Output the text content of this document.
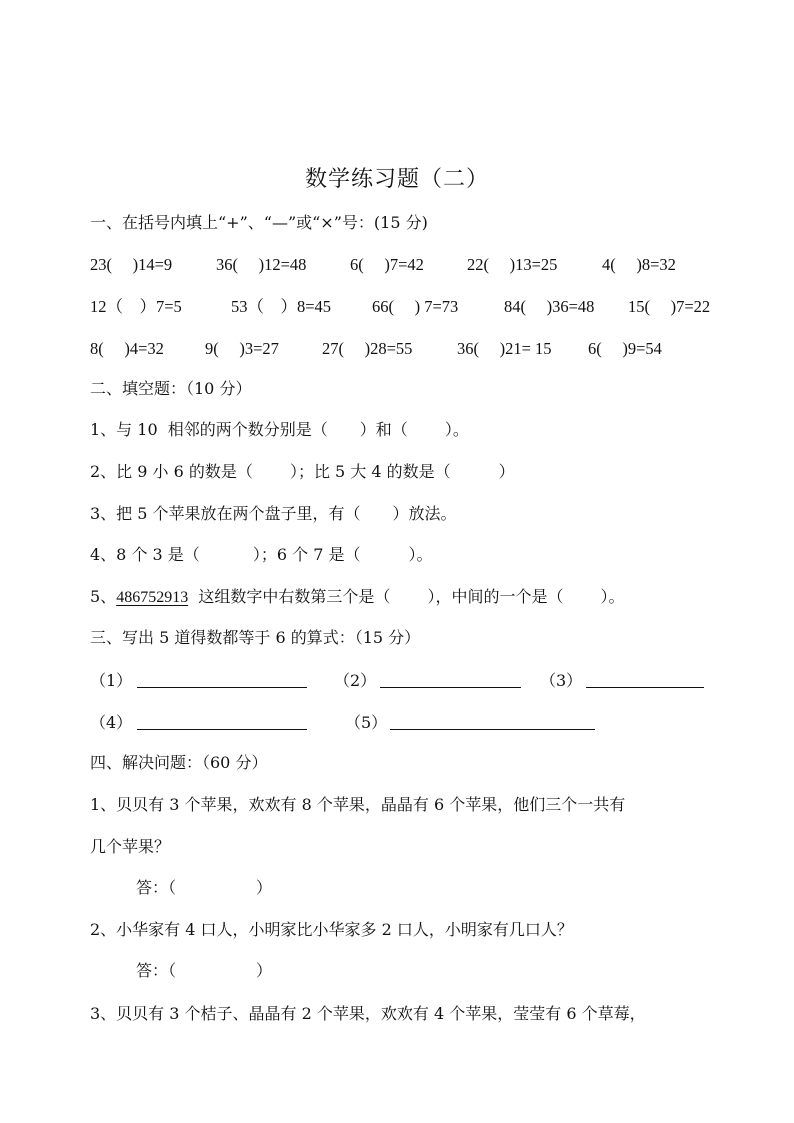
数学练习题（二）
一、在括号内填上“+”、“—”或“×”号：(15 分)
23(　 )14=9	36(　 )12=48	6(　 )7=42	22(　 )13=25	4(　 )8=32
12（　）7=5	53（　）8=45 66(　 ) 7=73	84(　 )36=48 15(　 )7=22
8(　 )4=32 9(　 )3=27	27(　 )28=55	36(　 )21= 15 6(　 )9=54
二、填空题：（10 分）
1、与 10  相邻的两个数分别是（　　）和（　　 ）。
2、比 9 小 6 的数是（　　 ）；比 5 大 4 的数是（　　　）
3、把 5 个苹果放在两个盘子里，有（　　）放法。
4、8 个 3 是（　　　 ）；6 个 7 是（　　　）。
5、486752913  这组数字中右数第三个是（　　 ），中间的一个是（　　 ）。
三、写出 5 道得数都等于 6 的算式：（15 分）
（1）	（2）	（3）
（4）	（5）
四、解决问题：（60 分）
1、贝贝有 3 个苹果，欢欢有 8 个苹果，晶晶有 6 个苹果，他们三个一共有
几个苹果？
答：（　　　　　）
2、小华家有 4 口人，小明家比小华家多 2 口人，小明家有几口人？
答：（　　　　　）
3、贝贝有 3 个桔子、晶晶有 2 个苹果，欢欢有 4 个苹果，莹莹有 6 个草莓，
